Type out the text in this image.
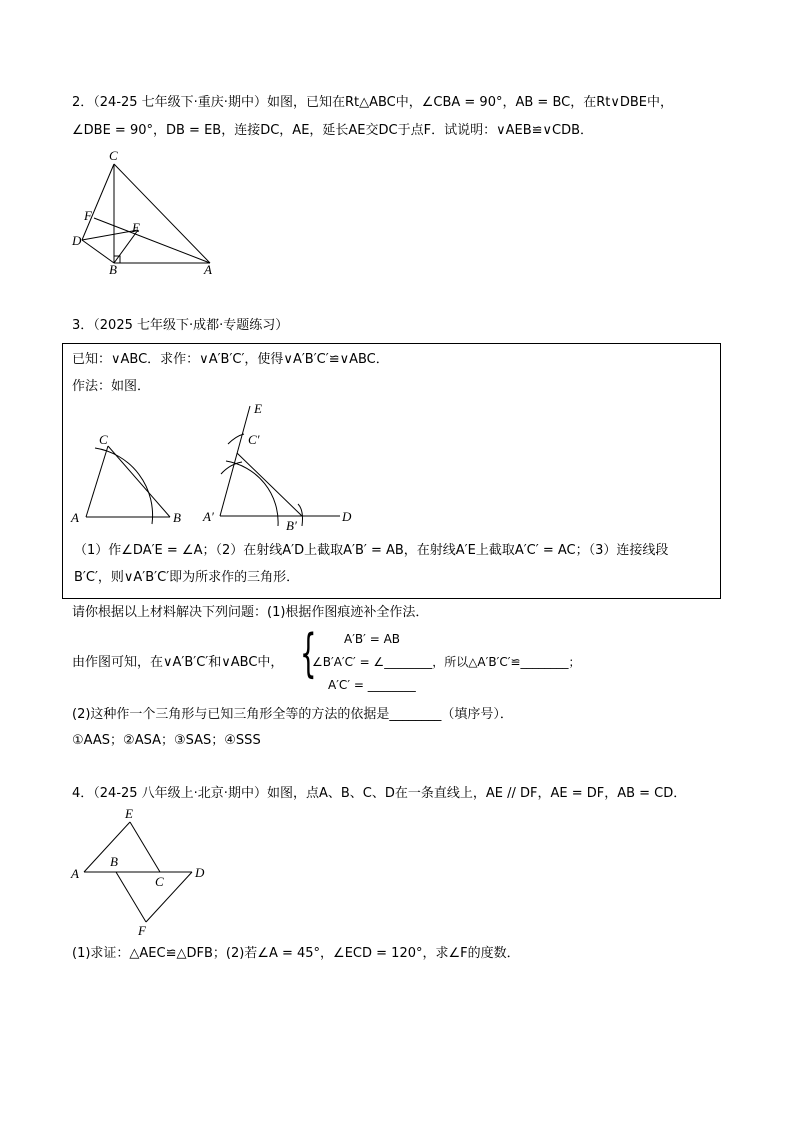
2．（24-25 七年级下·重庆·期中）如图，已知在Rt△ABC中，∠CBA = 90°，AB = BC，在Rt∨DBE中，
∠DBE = 90°，DB = EB，连接DC，AE，延长AE交DC于点F．试说明：∨AEB≌∨CDB．
C
F
E
D
B	A
3．（2025 七年级下·成都·专题练习）
已知：∨ABC．求作：∨A′B′C′，使得∨A′B′C′≌∨ABC．
作法：如图．
C
A	B
E
C′
A′
B′
D
（1）作∠DA′E = ∠A；（2）在射线A′D上截取A′B′ = AB，在射线A′E上截取A′C′ = AC；（3）连接线段
B′C′，则∨A′B′C′即为所求作的三角形．
请你根据以上材料解决下列问题：(1)根据作图痕迹补全作法．
由作图可知，在∨A′B′C′和∨ABC中， { A′B′ = AB
∠B′A′C′ = ∠________，所以△A′B′C′≌________；
A′C′ = ________
(2)这种作一个三角形与已知三角形全等的方法的依据是________（填序号）．
①AAS；②ASA；③SAS；④SSS
4．（24-25 八年级上·北京·期中）如图，点A、B、C、D在一条直线上，AE // DF，AE = DF，AB = CD．
E
A
B
C
D
F
(1)求证：△AEC≌△DFB；(2)若∠A = 45°，∠ECD = 120°，求∠F的度数．
